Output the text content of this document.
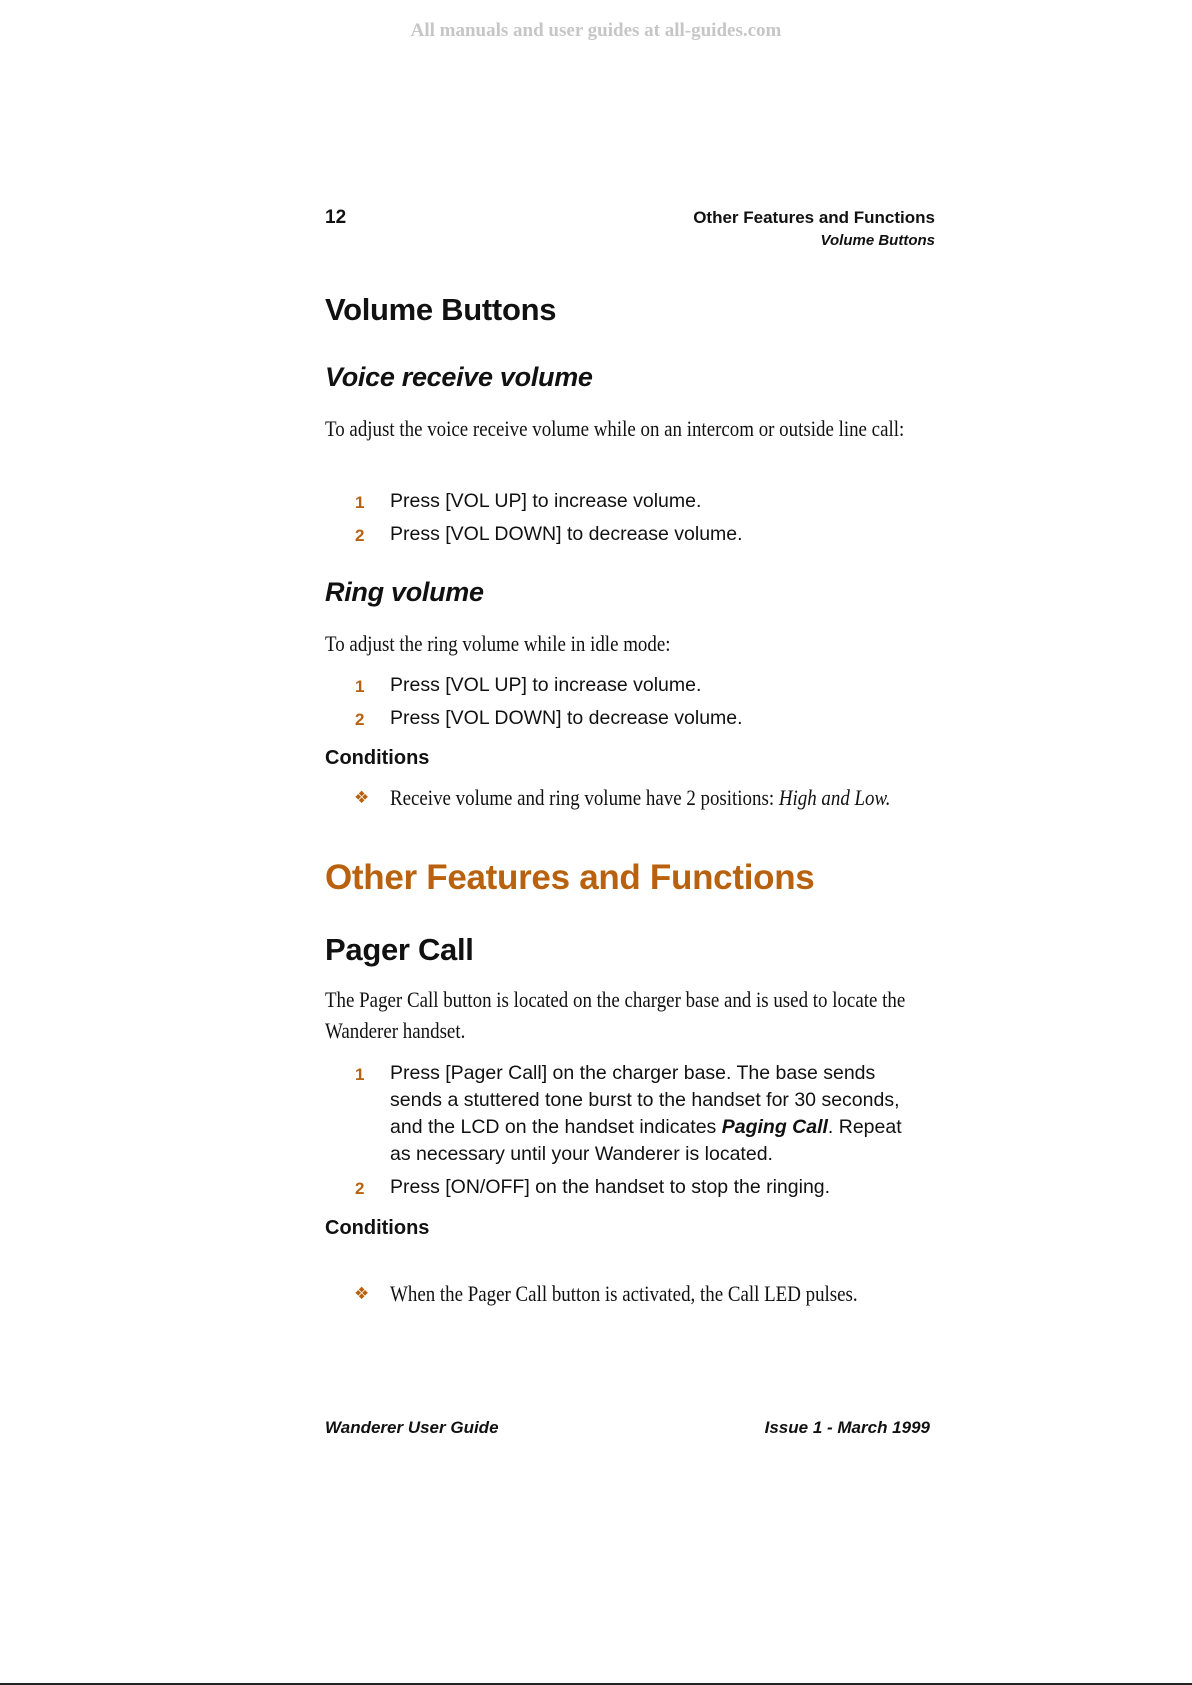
All manuals and user guides at all-guides.com
12	Other Features and Functions
Volume Buttons
Volume Buttons
Voice receive volume
To adjust the voice receive volume while on an intercom or outside line call:
1 Press [VOL UP] to increase volume.
2 Press [VOL DOWN] to decrease volume.
Ring volume
To adjust the ring volume while in idle mode:
1 Press [VOL UP] to increase volume.
2 Press [VOL DOWN] to decrease volume.
Conditions
❖ Receive volume and ring volume have 2 positions: High and Low.
Other Features and Functions
Pager Call
The Pager Call button is located on the charger base and is used to locate the Wanderer handset.
1 Press [Pager Call] on the charger base. The base sends sends a stuttered tone burst to the handset for 30 seconds, and the LCD on the handset indicates Paging Call. Repeat as necessary until your Wanderer is located.
2 Press [ON/OFF] on the handset to stop the ringing.
Conditions
❖ When the Pager Call button is activated, the Call LED pulses.
Wanderer User Guide	Issue 1 - March 1999
